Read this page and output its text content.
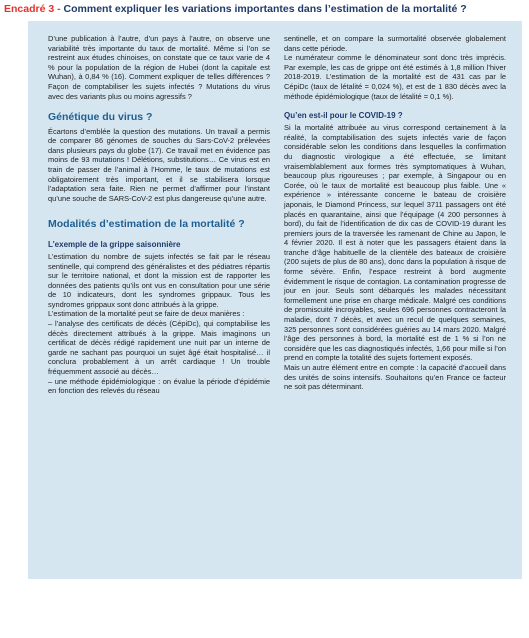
Encadré 3 - Comment expliquer les variations importantes dans l’estimation de la mortalité ?

D’une publication à l’autre, d’un pays à l’autre, on observe une variabilité très importante du taux de mortalité. Même si l’on se restreint aux études chinoises, on constate que ce taux varie de 4 % pour la population de la région de Hubei (dont la capitale est Wuhan), à 0,84 % (16). Comment expliquer de telles différences ? Façon de comptabiliser les sujets infectés ? Mutations du virus avec des variants plus ou moins agressifs ?

Génétique du virus ?

Écartons d’emblée la question des mutations. Un travail a permis de comparer 86 génomes de souches du Sars-CoV-2 prélevées dans plusieurs pays du globe (17). Ce travail met en évidence pas moins de 93 mutations ! Délétions, substitutions… Ce virus est en train de passer de l’animal à l’Homme, le taux de mutations est obligatoirement très important, et il se stabilisera lorsque l’adaptation sera faite. Rien ne permet d’affirmer pour l’instant qu’une souche de SARS-CoV-2 est plus dangereuse qu’une autre.

Modalités d’estimation de la mortalité ?
L’exemple de la grippe saisonnière

L’estimation du nombre de sujets infectés se fait par le réseau sentinelle, qui comprend des généralistes et des pédiatres répartis sur le territoire national, et dont la mission est de rapporter les données des patients qu’ils ont vus en consultation pour une série de 10 indicateurs, dont les syndromes grippaux. Tous les syndromes grippaux sont donc attribués à la grippe.

L’estimation de la mortalité peut se faire de deux manières :

– l’analyse des certificats de décès (CépiDc), qui comptabilise les décès directement attribués à la grippe. Mais imaginons un certificat de décès rédigé rapidement une nuit par un interne de garde ne sachant pas pourquoi un sujet âgé était hospitalisé… il conclura probablement à un arrêt cardiaque ! Un trouble fréquemment associé au décès…

– une méthode épidémiologique : on évalue la période d’épidémie en fonction des relevés du réseau

sentinelle, et on compare la surmortalité observée globalement dans cette période.

Le numérateur comme le dénominateur sont donc très imprécis. Par exemple, les cas de grippe ont été estimés à 1,8 million l’hiver 2018-2019. L’estimation de la mortalité est de 431 cas par le CépiDc (taux de létalité = 0,024 %), et est de 1 830 décès avec la méthode épidémiologique (taux de létalité = 0,1 %).

Qu’en est-il pour le COVID-19 ?

Si la mortalité attribuée au virus correspond certainement à la réalité, la comptabilisation des sujets infectés varie de façon considérable selon les conditions dans lesquelles la confirmation du diagnostic virologique a été effectuée, se limitant vraisemblablement aux formes très symptomatiques à Wuhan, beaucoup plus rigoureuses ; par exemple, à Singapour ou en Corée, où le taux de mortalité est beaucoup plus faible. Une « expérience » intéressante concerne le bateau de croisière japonais, le Diamond Princess, sur lequel 3711 passagers ont été placés en quarantaine, ainsi que l’équipage (4 200 personnes à bord), du fait de l’identification de dix cas de COVID-19 durant les premiers jours de la traversée les ramenant de Chine au Japon, le 4 février 2020. Il est à noter que les passagers étaient dans la tranche d’âge habituelle de la clientèle des bateaux de croisière (200 sujets de plus de 80 ans), donc dans la population à risque de forme sévère. Enfin, l’espace restreint à bord augmente évidemment le risque de contagion. La contamination progresse de jour en jour. Seuls sont débarqués les malades nécessitant formellement une prise en charge médicale. Malgré ces conditions de promiscuité incroyables, seules 696 personnes contracteront la maladie, dont 7 décès, et avec un recul de quelques semaines, 325 personnes sont considérées guéries au 14 mars 2020. Malgré l’âge des personnes à bord, la mortalité est de 1 % si l’on ne considère que les cas diagnostiqués infectés, 1,66 pour mille si l’on prend en compte la totalité des sujets fortement exposés.

Mais un autre élément entre en compte : la capacité d’accueil dans des unités de soins intensifs. Souhaitons qu’en France ce facteur ne soit pas déterminant.
